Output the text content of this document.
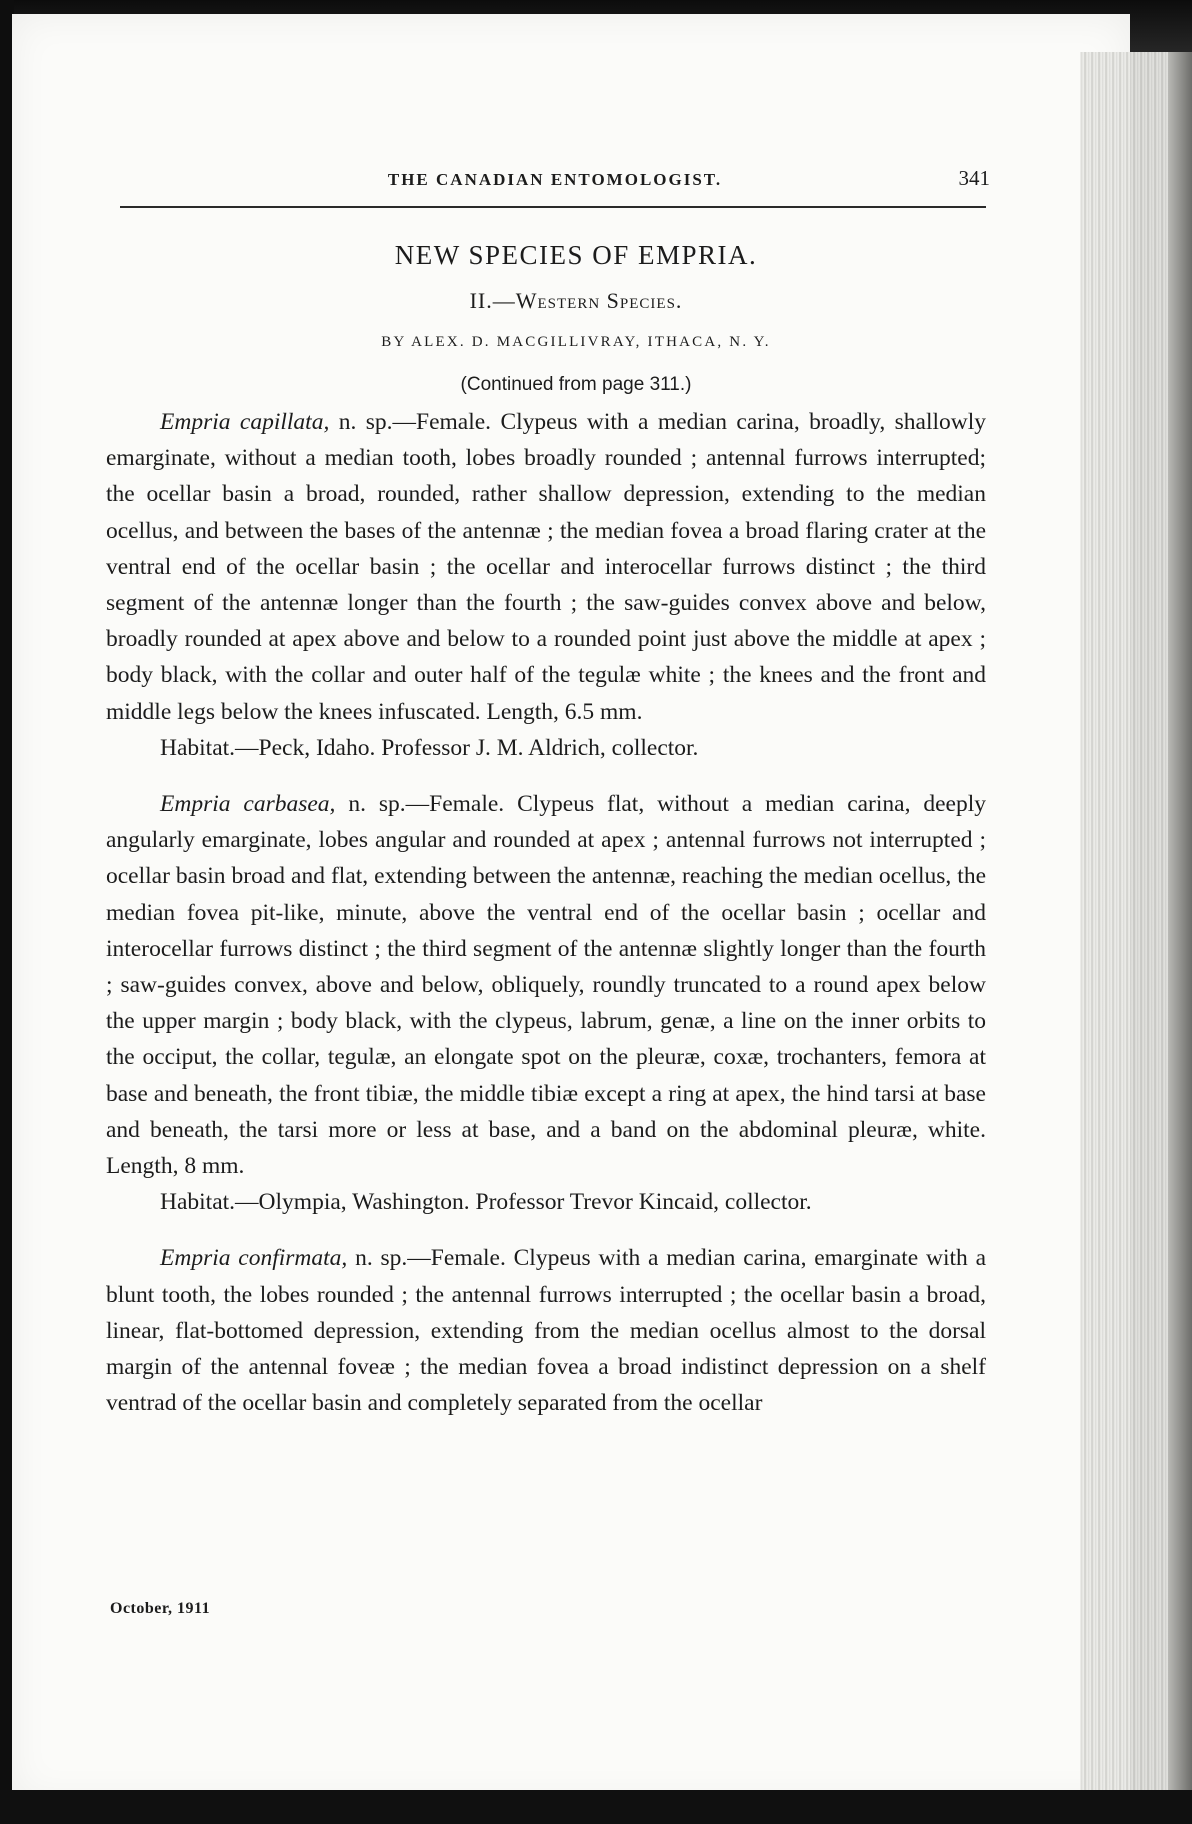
THE CANADIAN ENTOMOLOGIST.	341
NEW SPECIES OF EMPRIA.
II.—Western Species.
BY ALEX. D. MACGILLIVRAY, ITHACA, N. Y.
(Continued from page 311.)

Empria capillata, n. sp.—Female. Clypeus with a median carina, broadly, shallowly emarginate, without a median tooth, lobes broadly rounded ; antennal furrows interrupted; the ocellar basin a broad, rounded, rather shallow depression, extending to the median ocellus, and between the bases of the antennæ ; the median fovea a broad flaring crater at the ventral end of the ocellar basin ; the ocellar and interocellar furrows distinct ; the third segment of the antennæ longer than the fourth ; the saw-guides convex above and below, broadly rounded at apex above and below to a rounded point just above the middle at apex ; body black, with the collar and outer half of the tegulæ white ; the knees and the front and middle legs below the knees infuscated. Length, 6.5 mm.

Habitat.—Peck, Idaho. Professor J. M. Aldrich, collector.

Empria carbasea, n. sp.—Female. Clypeus flat, without a median carina, deeply angularly emarginate, lobes angular and rounded at apex ; antennal furrows not interrupted ; ocellar basin broad and flat, extending between the antennæ, reaching the median ocellus, the median fovea pit-like, minute, above the ventral end of the ocellar basin ; ocellar and interocellar furrows distinct ; the third segment of the antennæ slightly longer than the fourth ; saw-guides convex, above and below, obliquely, roundly truncated to a round apex below the upper margin ; body black, with the clypeus, labrum, genæ, a line on the inner orbits to the occiput, the collar, tegulæ, an elongate spot on the pleuræ, coxæ, trochanters, femora at base and beneath, the front tibiæ, the middle tibiæ except a ring at apex, the hind tarsi at base and beneath, the tarsi more or less at base, and a band on the abdominal pleuræ, white. Length, 8 mm.

Habitat.—Olympia, Washington. Professor Trevor Kincaid, collector.

Empria confirmata, n. sp.—Female. Clypeus with a median carina, emarginate with a blunt tooth, the lobes rounded ; the antennal furrows interrupted ; the ocellar basin a broad, linear, flat-bottomed depression, extending from the median ocellus almost to the dorsal margin of the antennal foveæ ; the median fovea a broad indistinct depression on a shelf ventrad of the ocellar basin and completely separated from the ocellar

October, 1911
